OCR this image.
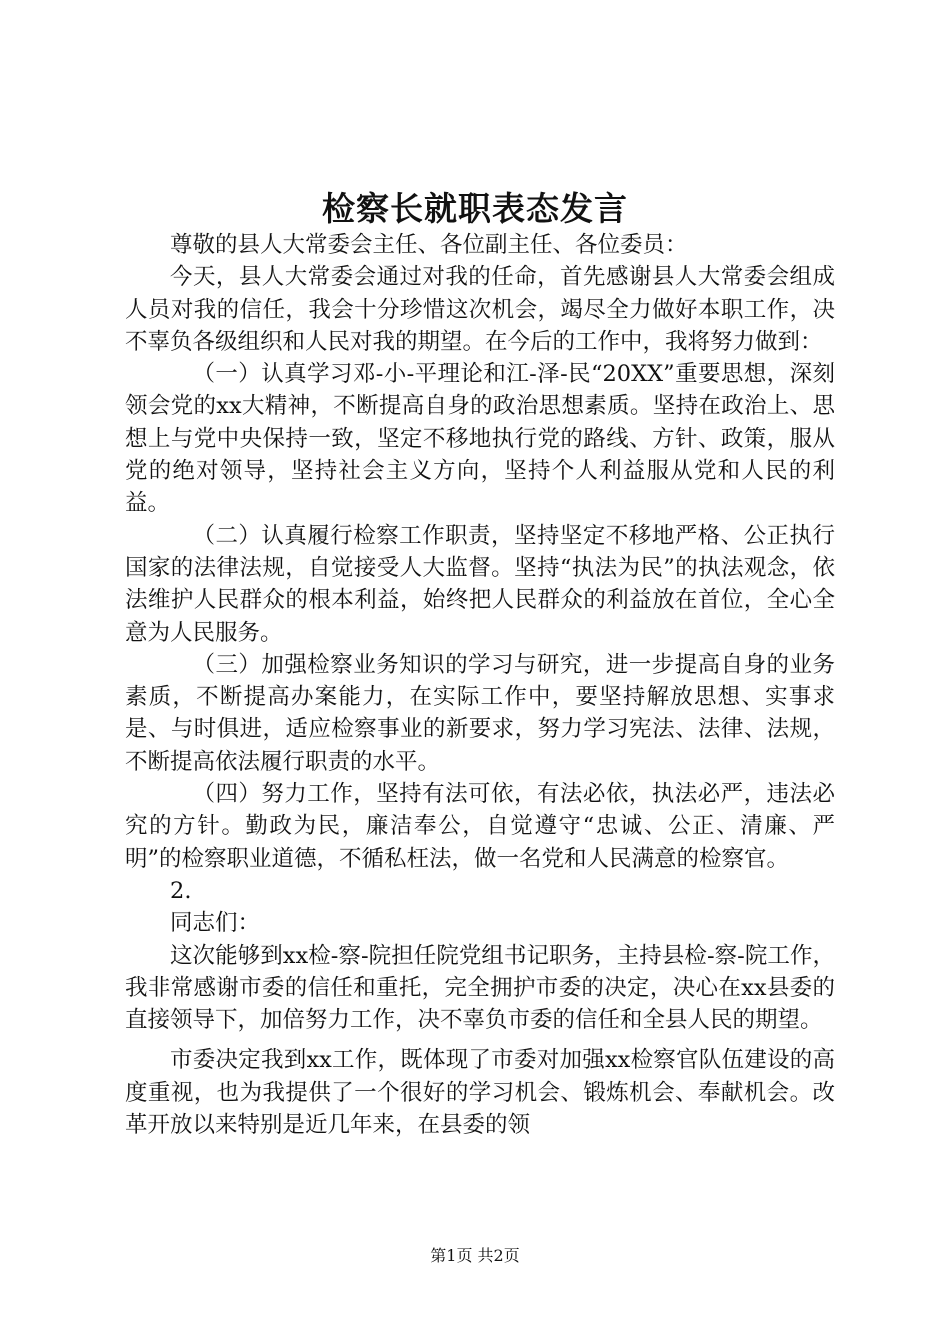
检察长就职表态发言

尊敬的县人大常委会主任、各位副主任、各位委员：

今天，县人大常委会通过对我的任命，首先感谢县人大常委会组成人员对我的信任，我会十分珍惜这次机会，竭尽全力做好本职工作，决不辜负各级组织和人民对我的期望。在今后的工作中，我将努力做到：

（一）认真学习邓-小-平理论和江-泽-民“20XX”重要思想，深刻领会党的xx大精神，不断提高自身的政治思想素质。坚持在政治上、思想上与党中央保持一致，坚定不移地执行党的路线、方针、政策，服从党的绝对领导，坚持社会主义方向，坚持个人利益服从党和人民的利益。

（二）认真履行检察工作职责，坚持坚定不移地严格、公正执行国家的法律法规，自觉接受人大监督。坚持“执法为民”的执法观念，依法维护人民群众的根本利益，始终把人民群众的利益放在首位，全心全意为人民服务。

（三）加强检察业务知识的学习与研究，进一步提高自身的业务素质，不断提高办案能力，在实际工作中，要坚持解放思想、实事求是、与时俱进，适应检察事业的新要求，努力学习宪法、法律、法规，不断提高依法履行职责的水平。

（四）努力工作，坚持有法可依，有法必依，执法必严，违法必究的方针。勤政为民，廉洁奉公，自觉遵守“忠诚、公正、清廉、严明”的检察职业道德，不循私枉法，做一名党和人民满意的检察官。

2.

同志们：

这次能够到xx检-察-院担任院党组书记职务，主持县检-察-院工作，我非常感谢市委的信任和重托，完全拥护市委的决定，决心在xx县委的直接领导下，加倍努力工作，决不辜负市委的信任和全县人民的期望。

市委决定我到xx工作，既体现了市委对加强xx检察官队伍建设的高度重视，也为我提供了一个很好的学习机会、锻炼机会、奉献机会。改革开放以来特别是近几年来，在县委的领

第1页 共2页
